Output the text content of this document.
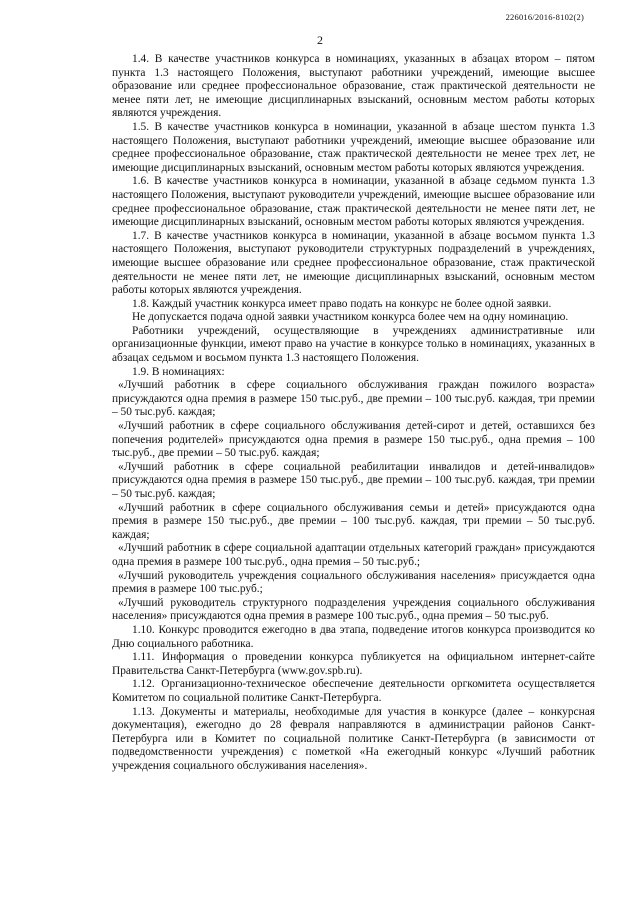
226016/2016-8102(2)
2

1.4. В качестве участников конкурса в номинациях, указанных в абзацах втором – пятом пункта 1.3 настоящего Положения, выступают работники учреждений, имеющие высшее образование или среднее профессиональное образование, стаж практической деятельности не менее пяти лет, не имеющие дисциплинарных взысканий, основным местом работы которых являются учреждения.

1.5. В качестве участников конкурса в номинации, указанной в абзаце шестом пункта 1.3 настоящего Положения, выступают работники учреждений, имеющие высшее образование или среднее профессиональное образование, стаж практической деятельности не менее трех лет, не имеющие дисциплинарных взысканий, основным местом работы которых являются учреждения.

1.6. В качестве участников конкурса в номинации, указанной в абзаце седьмом пункта 1.3 настоящего Положения, выступают руководители учреждений, имеющие высшее образование или среднее профессиональное образование, стаж практической деятельности не менее пяти лет, не имеющие дисциплинарных взысканий, основным местом работы которых являются учреждения.

1.7. В качестве участников конкурса в номинации, указанной в абзаце восьмом пункта 1.3 настоящего Положения, выступают руководители структурных подразделений в учреждениях, имеющие высшее образование или среднее профессиональное образование, стаж практической деятельности не менее пяти лет, не имеющие дисциплинарных взысканий, основным местом работы которых являются учреждения.

1.8. Каждый участник конкурса имеет право подать на конкурс не более одной заявки.

Не допускается подача одной заявки участником конкурса более чем на одну номинацию.

Работники учреждений, осуществляющие в учреждениях административные или организационные функции, имеют право на участие в конкурсе только в номинациях, указанных в абзацах седьмом и восьмом пункта 1.3 настоящего Положения.

1.9. В номинациях:

«Лучший работник в сфере социального обслуживания граждан пожилого возраста» присуждаются одна премия в размере 150 тыс.руб., две премии – 100 тыс.руб. каждая, три премии – 50 тыс.руб. каждая;

«Лучший работник в сфере социального обслуживания детей-сирот и детей, оставшихся без попечения родителей» присуждаются одна премия в размере 150 тыс.руб., одна премия – 100 тыс.руб., две премии – 50 тыс.руб. каждая;

«Лучший работник в сфере социальной реабилитации инвалидов и детей-инвалидов» присуждаются одна премия в размере 150 тыс.руб., две премии – 100 тыс.руб. каждая, три премии – 50 тыс.руб. каждая;

«Лучший работник в сфере социального обслуживания семьи и детей» присуждаются одна премия в размере 150 тыс.руб., две премии – 100 тыс.руб. каждая, три премии – 50 тыс.руб. каждая;

«Лучший работник в сфере социальной адаптации отдельных категорий граждан» присуждаются одна премия в размере 100 тыс.руб., одна премия – 50 тыс.руб.;

«Лучший руководитель учреждения социального обслуживания населения» присуждается одна премия в размере 100 тыс.руб.;

«Лучший руководитель структурного подразделения учреждения социального обслуживания населения» присуждаются одна премия в размере 100 тыс.руб., одна премия – 50 тыс.руб.

1.10. Конкурс проводится ежегодно в два этапа, подведение итогов конкурса производится ко Дню социального работника.

1.11. Информация о проведении конкурса публикуется на официальном интернет-сайте Правительства Санкт-Петербурга (www.gov.spb.ru).

1.12. Организационно-техническое обеспечение деятельности оргкомитета осуществляется Комитетом по социальной политике Санкт-Петербурга.

1.13. Документы и материалы, необходимые для участия в конкурсе (далее – конкурсная документация), ежегодно до 28 февраля направляются в администрации районов Санкт-Петербурга или в Комитет по социальной политике Санкт-Петербурга (в зависимости от подведомственности учреждения) с пометкой «На ежегодный конкурс «Лучший работник учреждения социального обслуживания населения».
